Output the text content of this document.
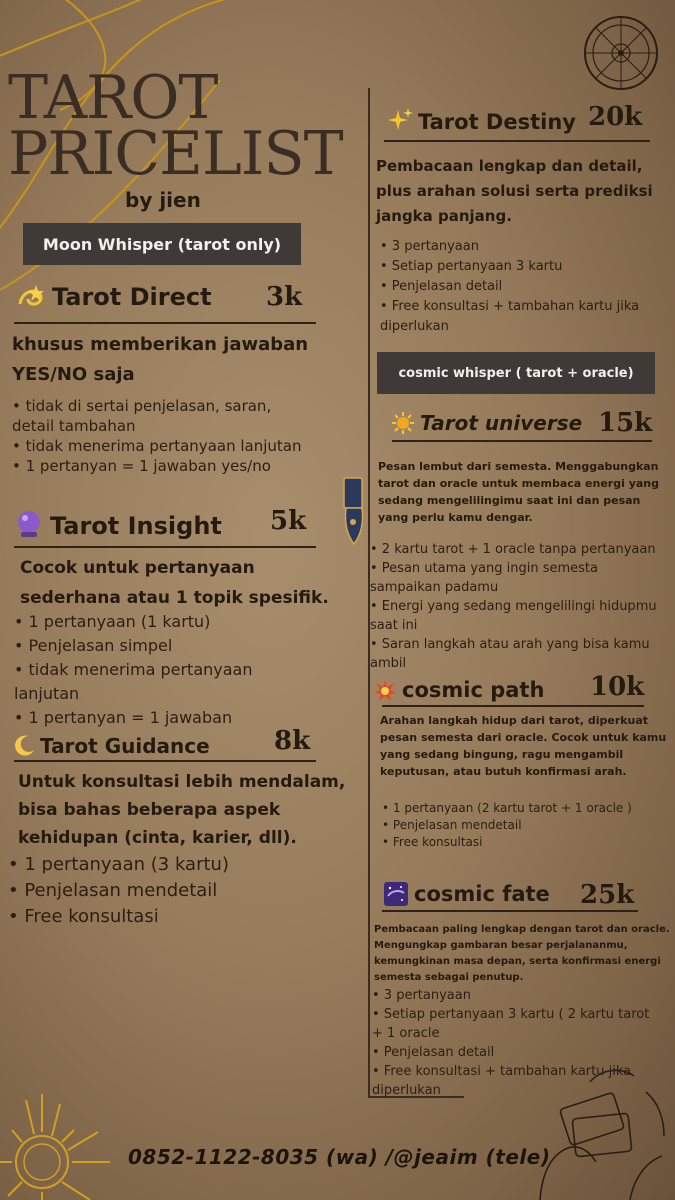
TAROT
PRICELIST
by jien
Moon Whisper (tarot only)
Tarot Direct 3k
khusus memberikan jawaban YES/NO saja
• tidak di sertai penjelasan, saran, detail tambahan
• tidak menerima pertanyaan lanjutan
• 1 pertanyan = 1 jawaban yes/no
Tarot Insight 5k
Cocok untuk pertanyaan sederhana atau 1 topik spesifik.
• 1 pertanyaan (1 kartu)
• Penjelasan simpel
• tidak menerima pertanyaan lanjutan
• 1 pertanyan = 1 jawaban
Tarot Guidance 8k
Untuk konsultasi lebih mendalam, bisa bahas beberapa aspek kehidupan (cinta, karier, dll).
• 1 pertanyaan (3 kartu)
• Penjelasan mendetail
• Free konsultasi
Tarot Destiny 20k
Pembacaan lengkap dan detail, plus arahan solusi serta prediksi jangka panjang.
• 3 pertanyaan
• Setiap pertanyaan 3 kartu
• Penjelasan detail
• Free konsultasi + tambahan kartu jika diperlukan
cosmic whisper ( tarot + oracle)
Tarot universe 15k
Pesan lembut dari semesta. Menggabungkan tarot dan oracle untuk membaca energi yang sedang mengelilingimu saat ini dan pesan yang perlu kamu dengar.
• 2 kartu tarot + 1 oracle tanpa pertanyaan
• Pesan utama yang ingin semesta sampaikan padamu
• Energi yang sedang mengelilingi hidupmu saat ini
• Saran langkah atau arah yang bisa kamu ambil
cosmic path 10k
Arahan langkah hidup dari tarot, diperkuat pesan semesta dari oracle. Cocok untuk kamu yang sedang bingung, ragu mengambil keputusan, atau butuh konfirmasi arah.
• 1 pertanyaan (2 kartu tarot + 1 oracle )
• Penjelasan mendetail
• Free konsultasi
cosmic fate 25k
Pembacaan paling lengkap dengan tarot dan oracle. Mengungkap gambaran besar perjalananmu, kemungkinan masa depan, serta konfirmasi energi semesta sebagai penutup.
• 3 pertanyaan
• Setiap pertanyaan 3 kartu ( 2 kartu tarot + 1 oracle
• Penjelasan detail
• Free konsultasi + tambahan kartu jika diperlukan
0852-1122-8035 (wa) /@jeaim (tele)
